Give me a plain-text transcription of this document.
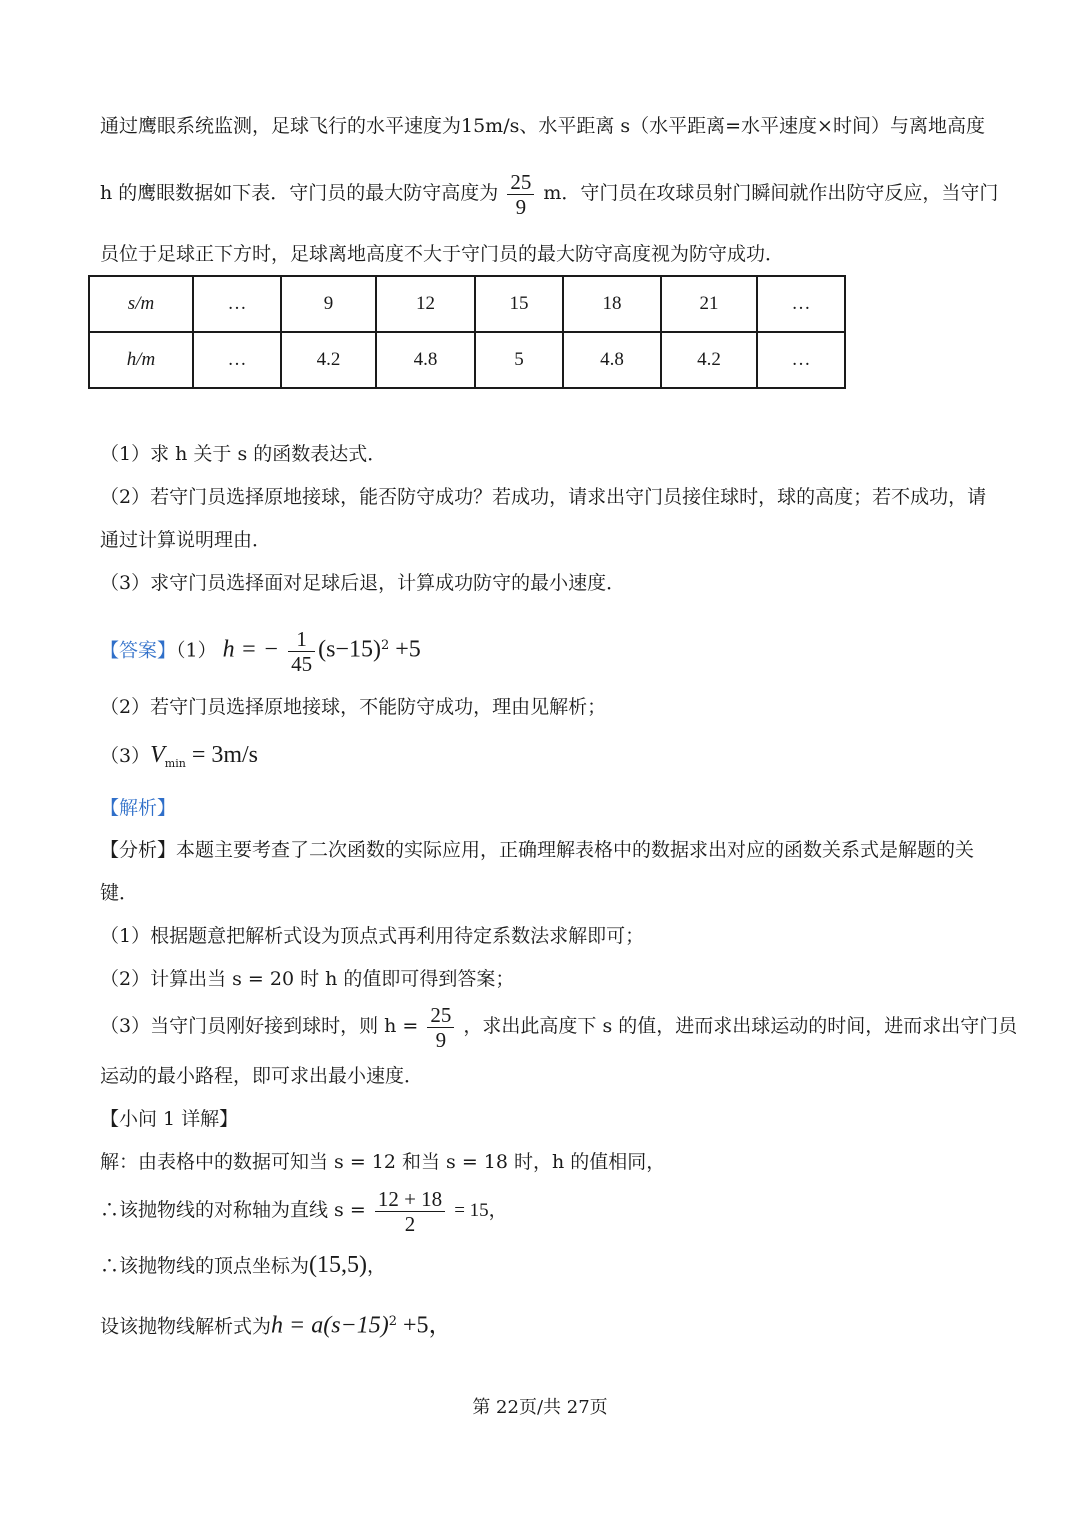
通过鹰眼系统监测，足球飞行的水平速度为15m/s、水平距离 s（水平距离=水平速度×时间）与离地高度
h 的鹰眼数据如下表．守门员的最大防守高度为 $\frac{25}{9}$ m．守门员在攻球员射门瞬间就作出防守反应，当守门
员位于足球正下方时，足球离地高度不大于守门员的最大防守高度视为防守成功．
s/m	…	9	12	15	18	21	…
h/m	…	4.2	4.8	5	4.8	4.2	…
（1）求 h 关于 s 的函数表达式．
（2）若守门员选择原地接球，能否防守成功？若成功，请求出守门员接住球时，球的高度；若不成功，请
通过计算说明理由．
（3）求守门员选择面对足球后退，计算成功防守的最小速度．
【答案】（1） h = − $\frac{1}{45} (s-15)^2 +5$
（2）若守门员选择原地接球，不能防守成功，理由见解析；
$(3)V_{min} = 3m/s$
【解析】
【分析】本题主要考查了二次函数的实际应用，正确理解表格中的数据求出对应的函数关系式是解题的关
键．
（1）根据题意把解析式设为顶点式再利用待定系数法求解即可；
（2）计算出当 s = 20 时 h 的值即可得到答案；
（3）当守门员刚好接到球时，则 $h = \frac{25}{9}$ ，求出此高度下 s 的值，进而求出球运动的时间，进而求出守门员
运动的最小路程，即可求出最小速度．
【小问 1 详解】
解：由表格中的数据可知当 s = 12 和当 s = 18 时，h 的值相同，
∴该抛物线的对称轴为直线 $s = \frac{12 + 18}{2} = 15$，
∴该抛物线的顶点坐标为(15,5)，
设该抛物线解析式为$h = a(s-15)^2 +5$，
第 22页/共 27页
